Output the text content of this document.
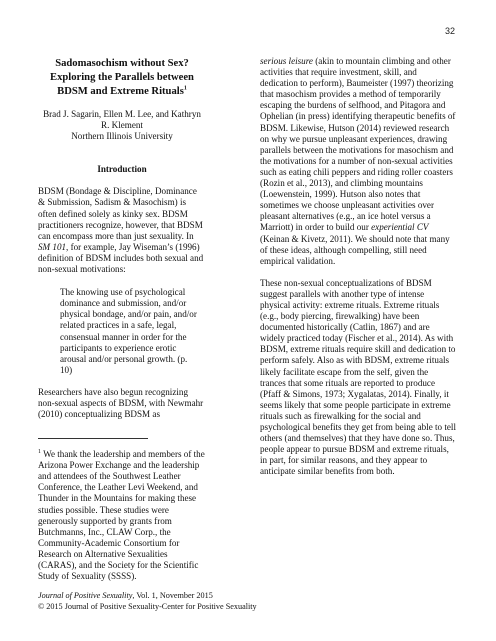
32
Sadomasochism without Sex? Exploring the Parallels between BDSM and Extreme Rituals$^1$
Brad J. Sagarin, Ellen M. Lee, and Kathryn R. Klement
Northern Illinois University
Introduction

BDSM (Bondage & Discipline, Dominance & Submission, Sadism & Masochism) is often defined solely as kinky sex. BDSM practitioners recognize, however, that BDSM can encompass more than just sexuality. In SM 101, for example, Jay Wiseman’s (1996) definition of BDSM includes both sexual and non-sexual motivations:

The knowing use of psychological dominance and submission, and/or physical bondage, and/or pain, and/or related practices in a safe, legal, consensual manner in order for the participants to experience erotic arousal and/or personal growth. (p. 10)

Researchers have also begun recognizing non-sexual aspects of BDSM, with Newmahr (2010) conceptualizing BDSM as

$^1$ We thank the leadership and members of the Arizona Power Exchange and the leadership and attendees of the Southwest Leather Conference, the Leather Levi Weekend, and Thunder in the Mountains for making these studies possible. These studies were generously supported by grants from Butchmanns, Inc., CLAW Corp., the Community-Academic Consortium for Research on Alternative Sexualities (CARAS), and the Society for the Scientific Study of Sexuality (SSSS).

serious leisure (akin to mountain climbing and other activities that require investment, skill, and dedication to perform), Baumeister (1997) theorizing that masochism provides a method of temporarily escaping the burdens of selfhood, and Pitagora and Ophelian (in press) identifying therapeutic benefits of BDSM. Likewise, Hutson (2014) reviewed research on why we pursue unpleasant experiences, drawing parallels between the motivations for masochism and the motivations for a number of non-sexual activities such as eating chili peppers and riding roller coasters (Rozin et al., 2013), and climbing mountains (Loewenstein, 1999). Hutson also notes that sometimes we choose unpleasant activities over pleasant alternatives (e.g., an ice hotel versus a Marriott) in order to build our experiential CV (Keinan & Kivetz, 2011). We should note that many of these ideas, although compelling, still need empirical validation.

These non-sexual conceptualizations of BDSM suggest parallels with another type of intense physical activity: extreme rituals. Extreme rituals (e.g., body piercing, firewalking) have been documented historically (Catlin, 1867) and are widely practiced today (Fischer et al., 2014). As with BDSM, extreme rituals require skill and dedication to perform safely. Also as with BDSM, extreme rituals likely facilitate escape from the self, given the trances that some rituals are reported to produce (Pfaff & Simons, 1973; Xygalatas, 2014). Finally, it seems likely that some people participate in extreme rituals such as firewalking for the social and psychological benefits they get from being able to tell others (and themselves) that they have done so. Thus, people appear to pursue BDSM and extreme rituals, in part, for similar reasons, and they appear to anticipate similar benefits from both.

Journal of Positive Sexuality, Vol. 1, November 2015
© 2015 Journal of Positive Sexuality-Center for Positive Sexuality
